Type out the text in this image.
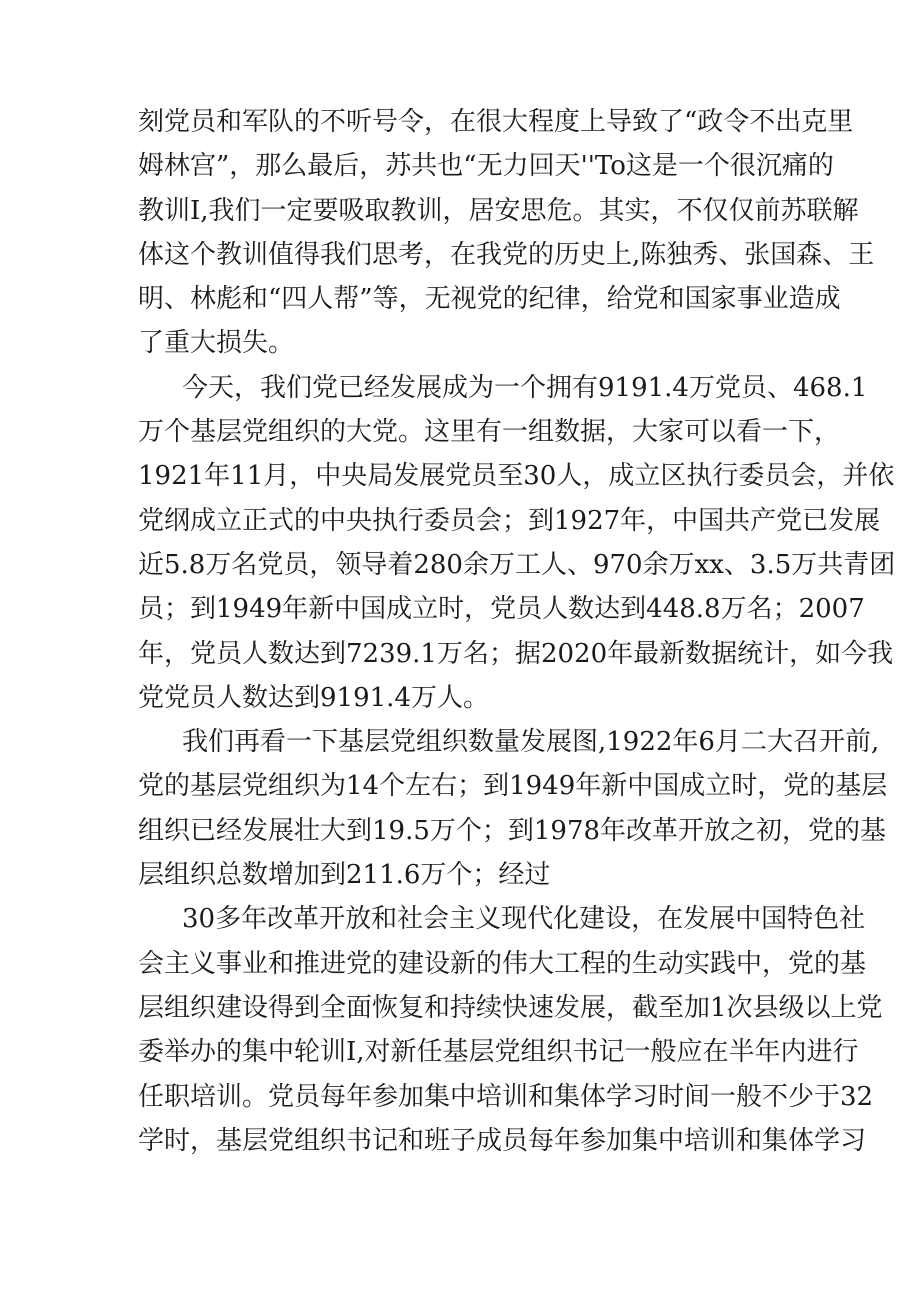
刻党员和军队的不听号令，在很大程度上导致了“政令不出克里
姆林宫”，那么最后，苏共也“无力回天''To这是一个很沉痛的
教训I,我们一定要吸取教训，居安思危。其实，不仅仅前苏联解
体这个教训值得我们思考，在我党的历史上,陈独秀、张国森、王
明、林彪和“四人帮”等，无视党的纪律，给党和国家事业造成
了重大损失。
今天，我们党已经发展成为一个拥有9191.4万党员、468.1
万个基层党组织的大党。这里有一组数据，大家可以看一下，
1921年11月，中央局发展党员至30人，成立区执行委员会，并依
党纲成立正式的中央执行委员会；到1927年，中国共产党已发展
近5.8万名党员，领导着280余万工人、970余万xx、3.5万共青团
员；到1949年新中国成立时，党员人数达到448.8万名；2007
年，党员人数达到7239.1万名；据2020年最新数据统计，如今我
党党员人数达到9191.4万人。
我们再看一下基层党组织数量发展图,1922年6月二大召开前,
党的基层党组织为14个左右；到1949年新中国成立时，党的基层
组织已经发展壮大到19.5万个；到1978年改革开放之初，党的基
层组织总数增加到211.6万个；经过
30多年改革开放和社会主义现代化建设，在发展中国特色社
会主义事业和推进党的建设新的伟大工程的生动实践中，党的基
层组织建设得到全面恢复和持续快速发展，截至加1次县级以上党
委举办的集中轮训I,对新任基层党组织书记一般应在半年内进行
任职培训。党员每年参加集中培训和集体学习时间一般不少于32
学时，基层党组织书记和班子成员每年参加集中培训和集体学习
